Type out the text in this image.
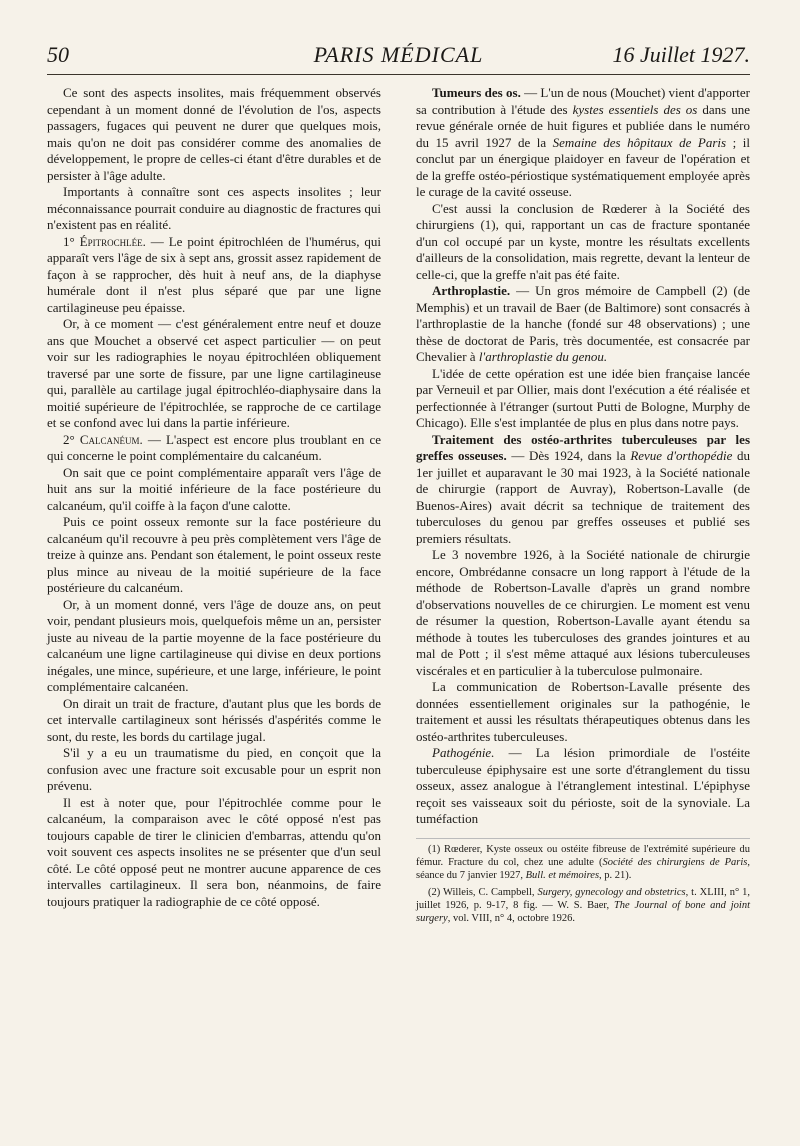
50	PARIS MÉDICAL	16 Juillet 1927.

Ce sont des aspects insolites, mais fréquemment observés cependant à un moment donné de l'évolution de l'os, aspects passagers, fugaces qui peuvent ne durer que quelques mois, mais qu'on ne doit pas considérer comme des anomalies de développement, le propre de celles-ci étant d'être durables et de persister à l'âge adulte.

Importants à connaître sont ces aspects insolites ; leur méconnaissance pourrait conduire au diagnostic de fractures qui n'existent pas en réalité.

1° Épitrochlée. — Le point épitrochléen de l'humérus, qui apparaît vers l'âge de six à sept ans, grossit assez rapidement de façon à se rapprocher, dès huit à neuf ans, de la diaphyse humérale dont il n'est plus séparé que par une ligne cartilagineuse peu épaisse.

Or, à ce moment — c'est généralement entre neuf et douze ans que Mouchet a observé cet aspect particulier — on peut voir sur les radiographies le noyau épitrochléen obliquement traversé par une sorte de fissure, par une ligne cartilagineuse qui, parallèle au cartilage jugal épitrochléo-diaphysaire dans la moitié supérieure de l'épitrochlée, se rapproche de ce cartilage et se confond avec lui dans la partie inférieure.

2° Calcanéum. — L'aspect est encore plus troublant en ce qui concerne le point complémentaire du calcanéum.

On sait que ce point complémentaire apparaît vers l'âge de huit ans sur la moitié inférieure de la face postérieure du calcanéum, qu'il coiffe à la façon d'une calotte.

Puis ce point osseux remonte sur la face postérieure du calcanéum qu'il recouvre à peu près complètement vers l'âge de treize à quinze ans. Pendant son étalement, le point osseux reste plus mince au niveau de la moitié supérieure de la face postérieure du calcanéum.

Or, à un moment donné, vers l'âge de douze ans, on peut voir, pendant plusieurs mois, quelquefois même un an, persister juste au niveau de la partie moyenne de la face postérieure du calcanéum une ligne cartilagineuse qui divise en deux portions inégales, une mince, supérieure, et une large, inférieure, le point complémentaire calcanéen.

On dirait un trait de fracture, d'autant plus que les bords de cet intervalle cartilagineux sont hérissés d'aspérités comme le sont, du reste, les bords du cartilage jugal.

S'il y a eu un traumatisme du pied, en conçoit que la confusion avec une fracture soit excusable pour un esprit non prévenu.

Il est à noter que, pour l'épitrochlée comme pour le calcanéum, la comparaison avec le côté opposé n'est pas toujours capable de tirer le clinicien d'embarras, attendu qu'on voit souvent ces aspects insolites ne se présenter que d'un seul côté. Le côté opposé peut ne montrer aucune apparence de ces intervalles cartilagineux. Il sera bon, néanmoins, de faire toujours pratiquer la radiographie de ce côté opposé.

Tumeurs des os. — L'un de nous (Mouchet) vient d'apporter sa contribution à l'étude des kystes essentiels des os dans une revue générale ornée de huit figures et publiée dans le numéro du 15 avril 1927 de la Semaine des hôpitaux de Paris ; il conclut par un énergique plaidoyer en faveur de l'opération et de la greffe ostéo-périostique systématiquement employée après le curage de la cavité osseuse.

C'est aussi la conclusion de Rœderer à la Société des chirurgiens (1), qui, rapportant un cas de fracture spontanée d'un col occupé par un kyste, montre les résultats excellents d'ailleurs de la consolidation, mais regrette, devant la lenteur de celle-ci, que la greffe n'ait pas été faite.

Arthroplastie. — Un gros mémoire de Campbell (2) (de Memphis) et un travail de Baer (de Baltimore) sont consacrés à l'arthroplastie de la hanche (fondé sur 48 observations) ; une thèse de doctorat de Paris, très documentée, est consacrée par Chevalier à l'arthroplastie du genou.

L'idée de cette opération est une idée bien française lancée par Verneuil et par Ollier, mais dont l'exécution a été réalisée et perfectionnée à l'étranger (surtout Putti de Bologne, Murphy de Chicago). Elle s'est implantée de plus en plus dans notre pays.

Traitement des ostéo-arthrites tuberculeuses par les greffes osseuses. — Dès 1924, dans la Revue d'orthopédie du 1er juillet et auparavant le 30 mai 1923, à la Société nationale de chirurgie (rapport de Auvray), Robertson-Lavalle (de Buenos-Aires) avait décrit sa technique de traitement des tuberculoses du genou par greffes osseuses et publié ses premiers résultats.

Le 3 novembre 1926, à la Société nationale de chirurgie encore, Ombrédanne consacre un long rapport à l'étude de la méthode de Robertson-Lavalle d'après un grand nombre d'observations nouvelles de ce chirurgien. Le moment est venu de résumer la question, Robertson-Lavalle ayant étendu sa méthode à toutes les tuberculoses des grandes jointures et au mal de Pott ; il s'est même attaqué aux lésions tuberculeuses viscérales et en particulier à la tuberculose pulmonaire.

La communication de Robertson-Lavalle présente des données essentiellement originales sur la pathogénie, le traitement et aussi les résultats thérapeutiques obtenus dans les ostéo-arthrites tuberculeuses.

Pathogénie. — La lésion primordiale de l'ostéite tuberculeuse épiphysaire est une sorte d'étranglement du tissu osseux, assez analogue à l'étranglement intestinal. L'épiphyse reçoit ses vaisseaux soit du périoste, soit de la synoviale. La tuméfaction

(1) Rœderer, Kyste osseux ou ostéite fibreuse de l'extrémité supérieure du fémur. Fracture du col, chez une adulte (Société des chirurgiens de Paris, séance du 7 janvier 1927, Bull. et mémoires, p. 21).

(2) Willeis, C. Campbell, Surgery, gynecology and obstetrics, t. XLIII, n° 1, juillet 1926, p. 9-17, 8 fig. — W. S. Baer, The Journal of bone and joint surgery, vol. VIII, n° 4, octobre 1926.
